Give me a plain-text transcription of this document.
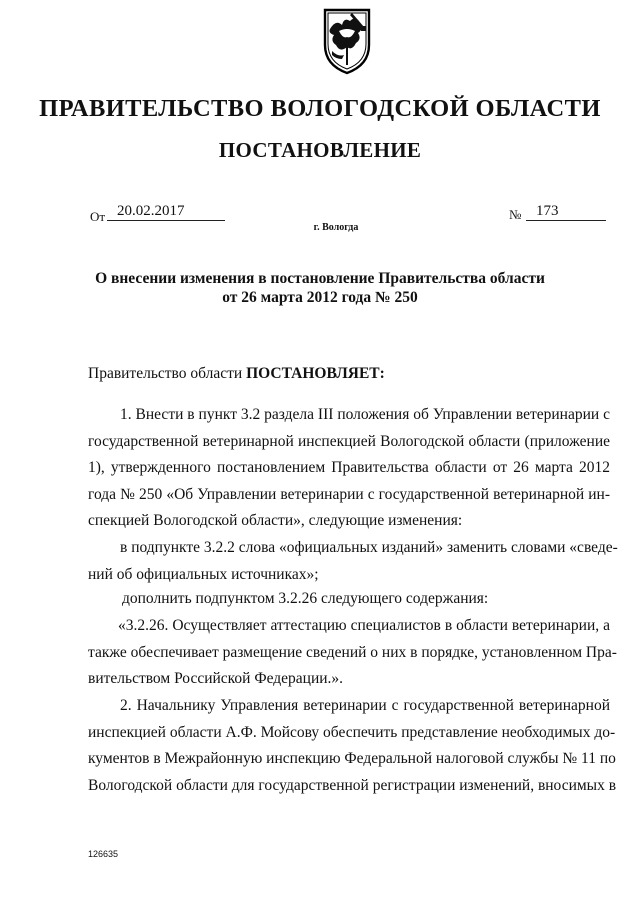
ПРАВИТЕЛЬСТВО ВОЛОГОДСКОЙ ОБЛАСТИ
ПОСТАНОВЛЕНИЕ
От 20.02.2017	№ 173
г. Вологда
О внесении изменения в постановление Правительства области
от 26 марта 2012 года № 250
Правительство области ПОСТАНОВЛЯЕТ:
1. Внести в пункт 3.2 раздела III положения об Управлении ветеринарии с
государственной ветеринарной инспекцией Вологодской области (приложение
1), утвержденного постановлением Правительства области от 26 марта 2012
года № 250 «Об Управлении ветеринарии с государственной ветеринарной ин-
спекцией Вологодской области», следующие изменения:
в подпункте 3.2.2 слова «официальных изданий» заменить словами «сведе-
ний об официальных источниках»;
дополнить подпунктом 3.2.26 следующего содержания:
«3.2.26. Осуществляет аттестацию специалистов в области ветеринарии, а
также обеспечивает размещение сведений о них в порядке, установленном Пра-
вительством Российской Федерации.».
2. Начальнику Управления ветеринарии с государственной ветеринарной
инспекцией области А.Ф. Мойсову обеспечить представление необходимых до-
кументов в Межрайонную инспекцию Федеральной налоговой службы № 11 по
Вологодской области для государственной регистрации изменений, вносимых в
126635
